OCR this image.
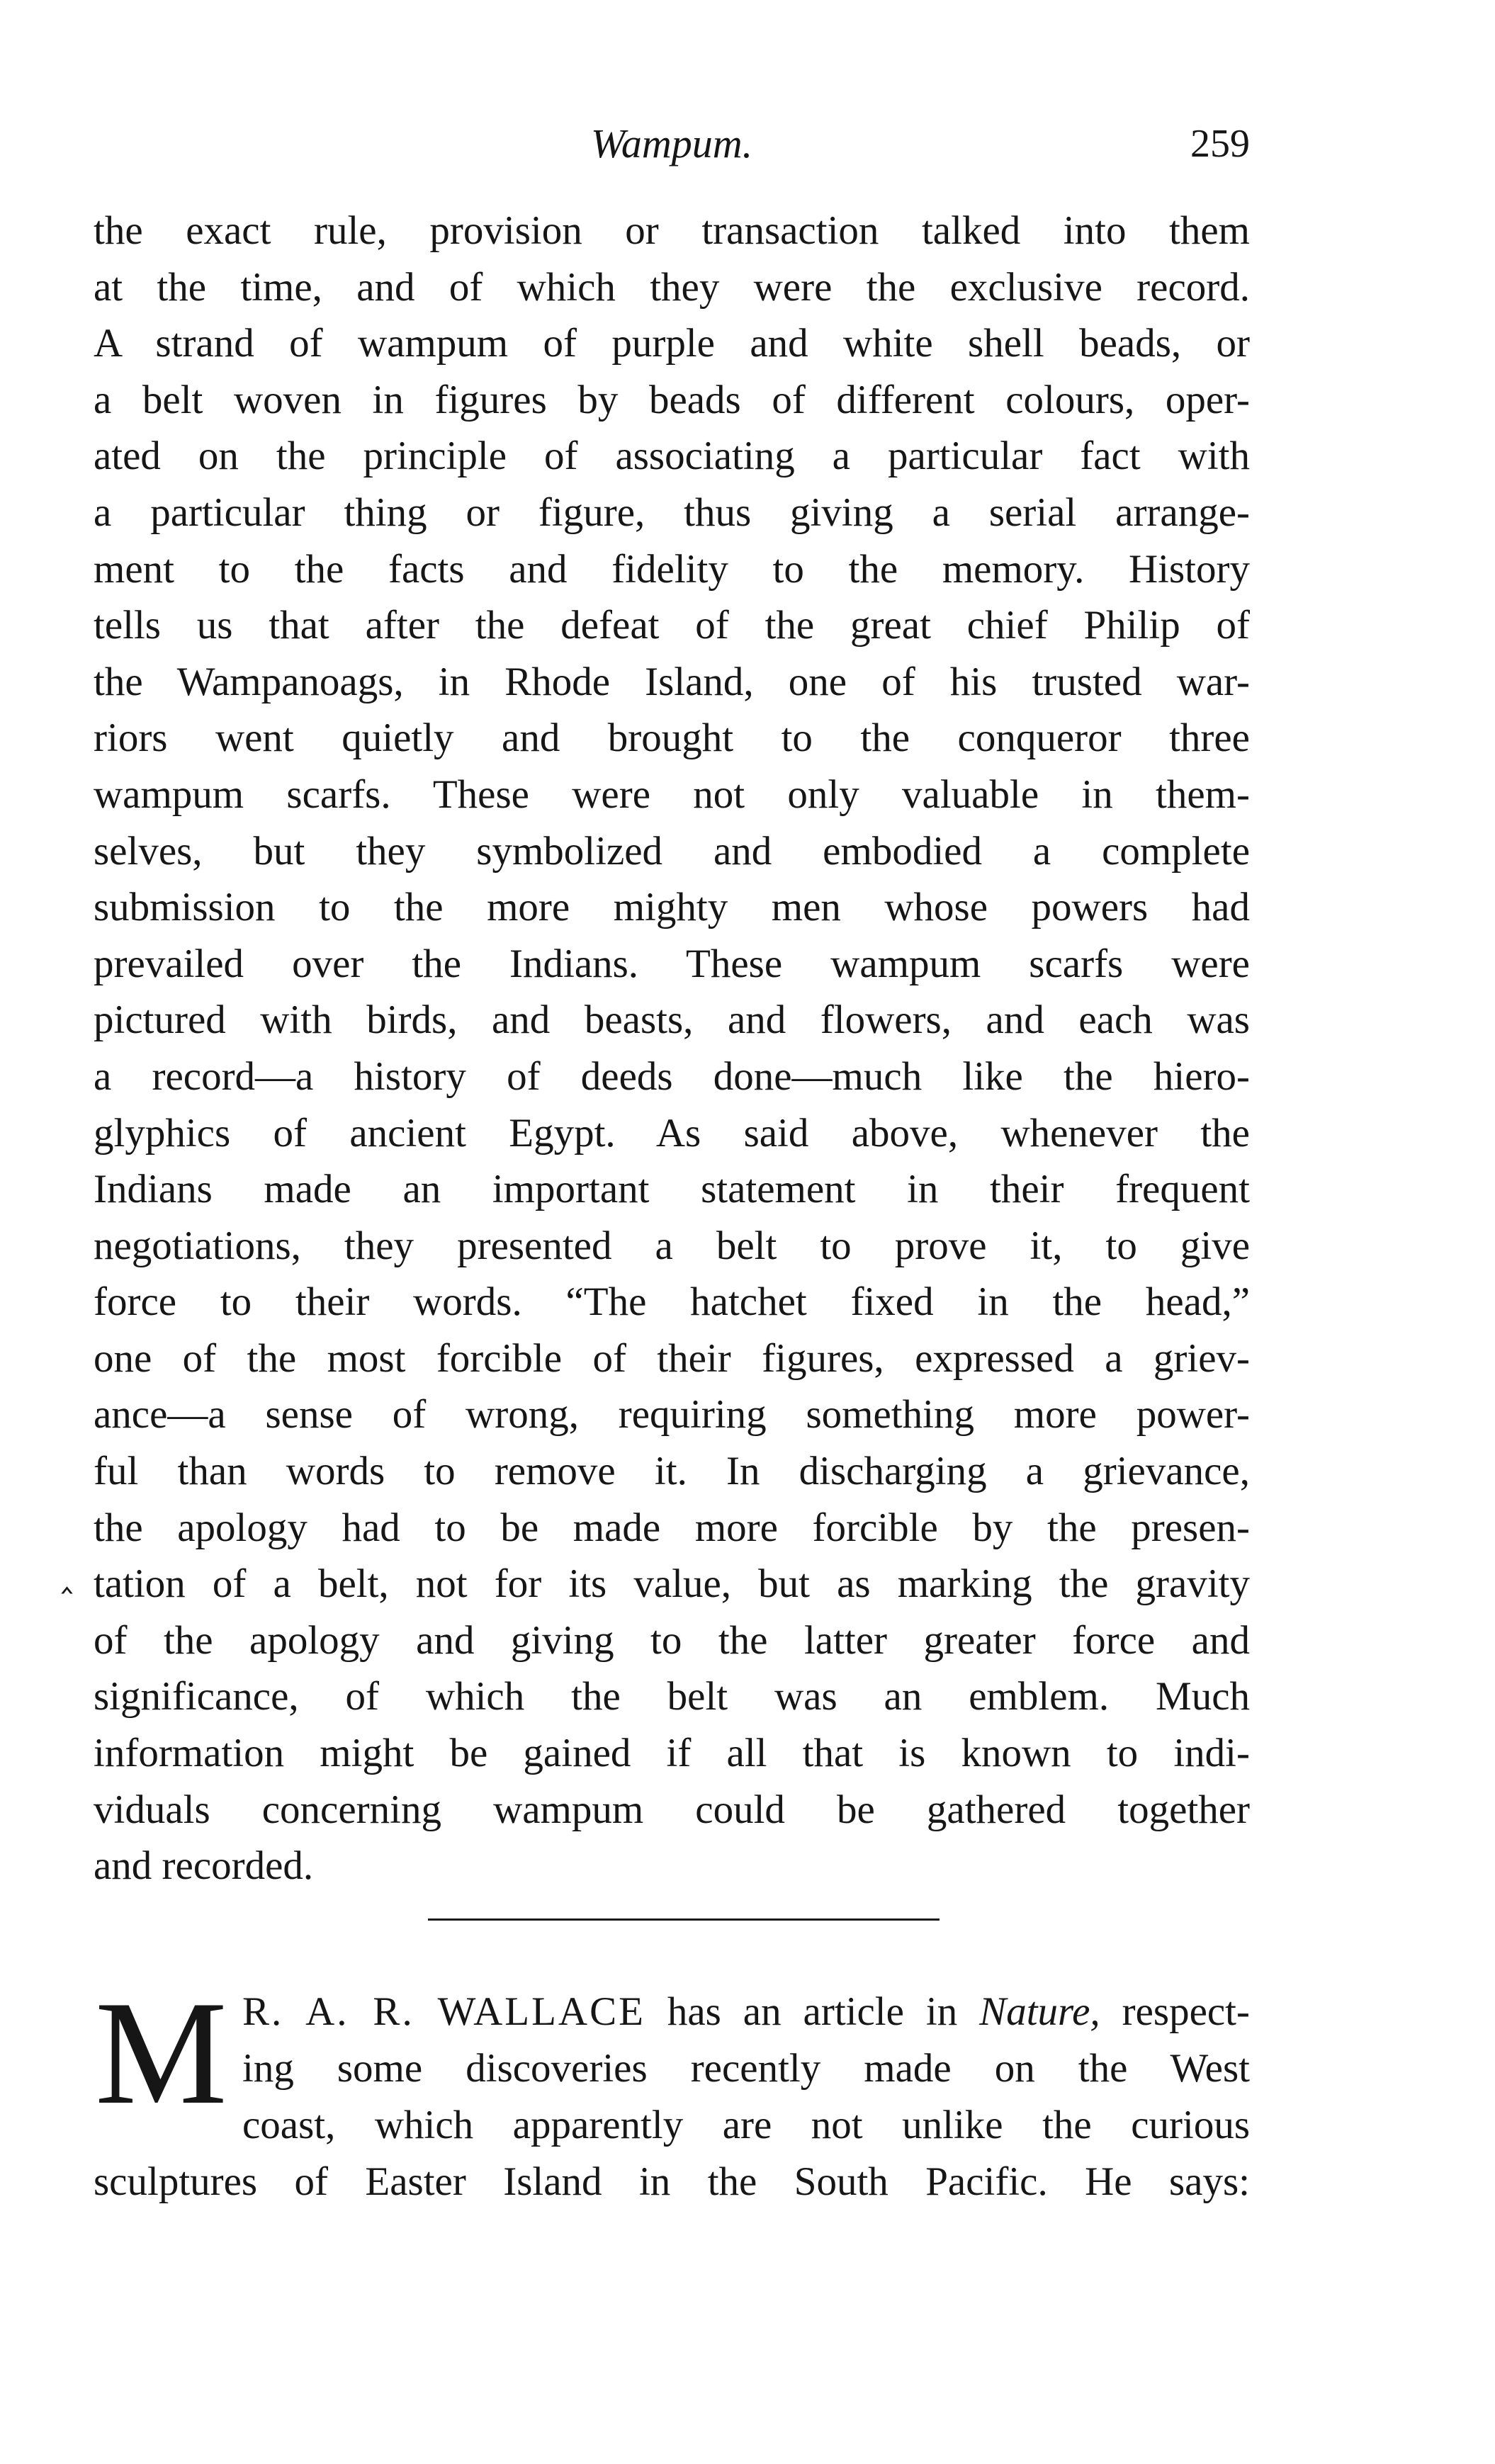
Wampum.	259
‸
the exact rule, provision or transaction talked into them
at the time, and of which they were the exclusive record.
A strand of wampum of purple and white shell beads, or
a belt woven in figures by beads of different colours, oper-
ated on the principle of associating a particular fact with
a particular thing or figure, thus giving a serial arrange-
ment to the facts and fidelity to the memory. History
tells us that after the defeat of the great chief Philip of
the Wampanoags, in Rhode Island, one of his trusted war-
riors went quietly and brought to the conqueror three
wampum scarfs. These were not only valuable in them-
selves, but they symbolized and embodied a complete
submission to the more mighty men whose powers had
prevailed over the Indians. These wampum scarfs were
pictured with birds, and beasts, and flowers, and each was
a record—a history of deeds done—much like the hiero-
glyphics of ancient Egypt. As said above, whenever the
Indians made an important statement in their frequent
negotiations, they presented a belt to prove it, to give
force to their words. “The hatchet fixed in the head,”
one of the most forcible of their figures, expressed a griev-
ance—a sense of wrong, requiring something more power-
ful than words to remove it. In discharging a grievance,
the apology had to be made more forcible by the presen-
tation of a belt, not for its value, but as marking the gravity
of the apology and giving to the latter greater force and
significance, of which the belt was an emblem. Much
information might be gained if all that is known to indi-
viduals concerning wampum could be gathered together
and recorded.
M R. A. R. WALLACE has an article in Nature, respect-
ing some discoveries recently made on the West
coast, which apparently are not unlike the curious
sculptures of Easter Island in the South Pacific. He says:
